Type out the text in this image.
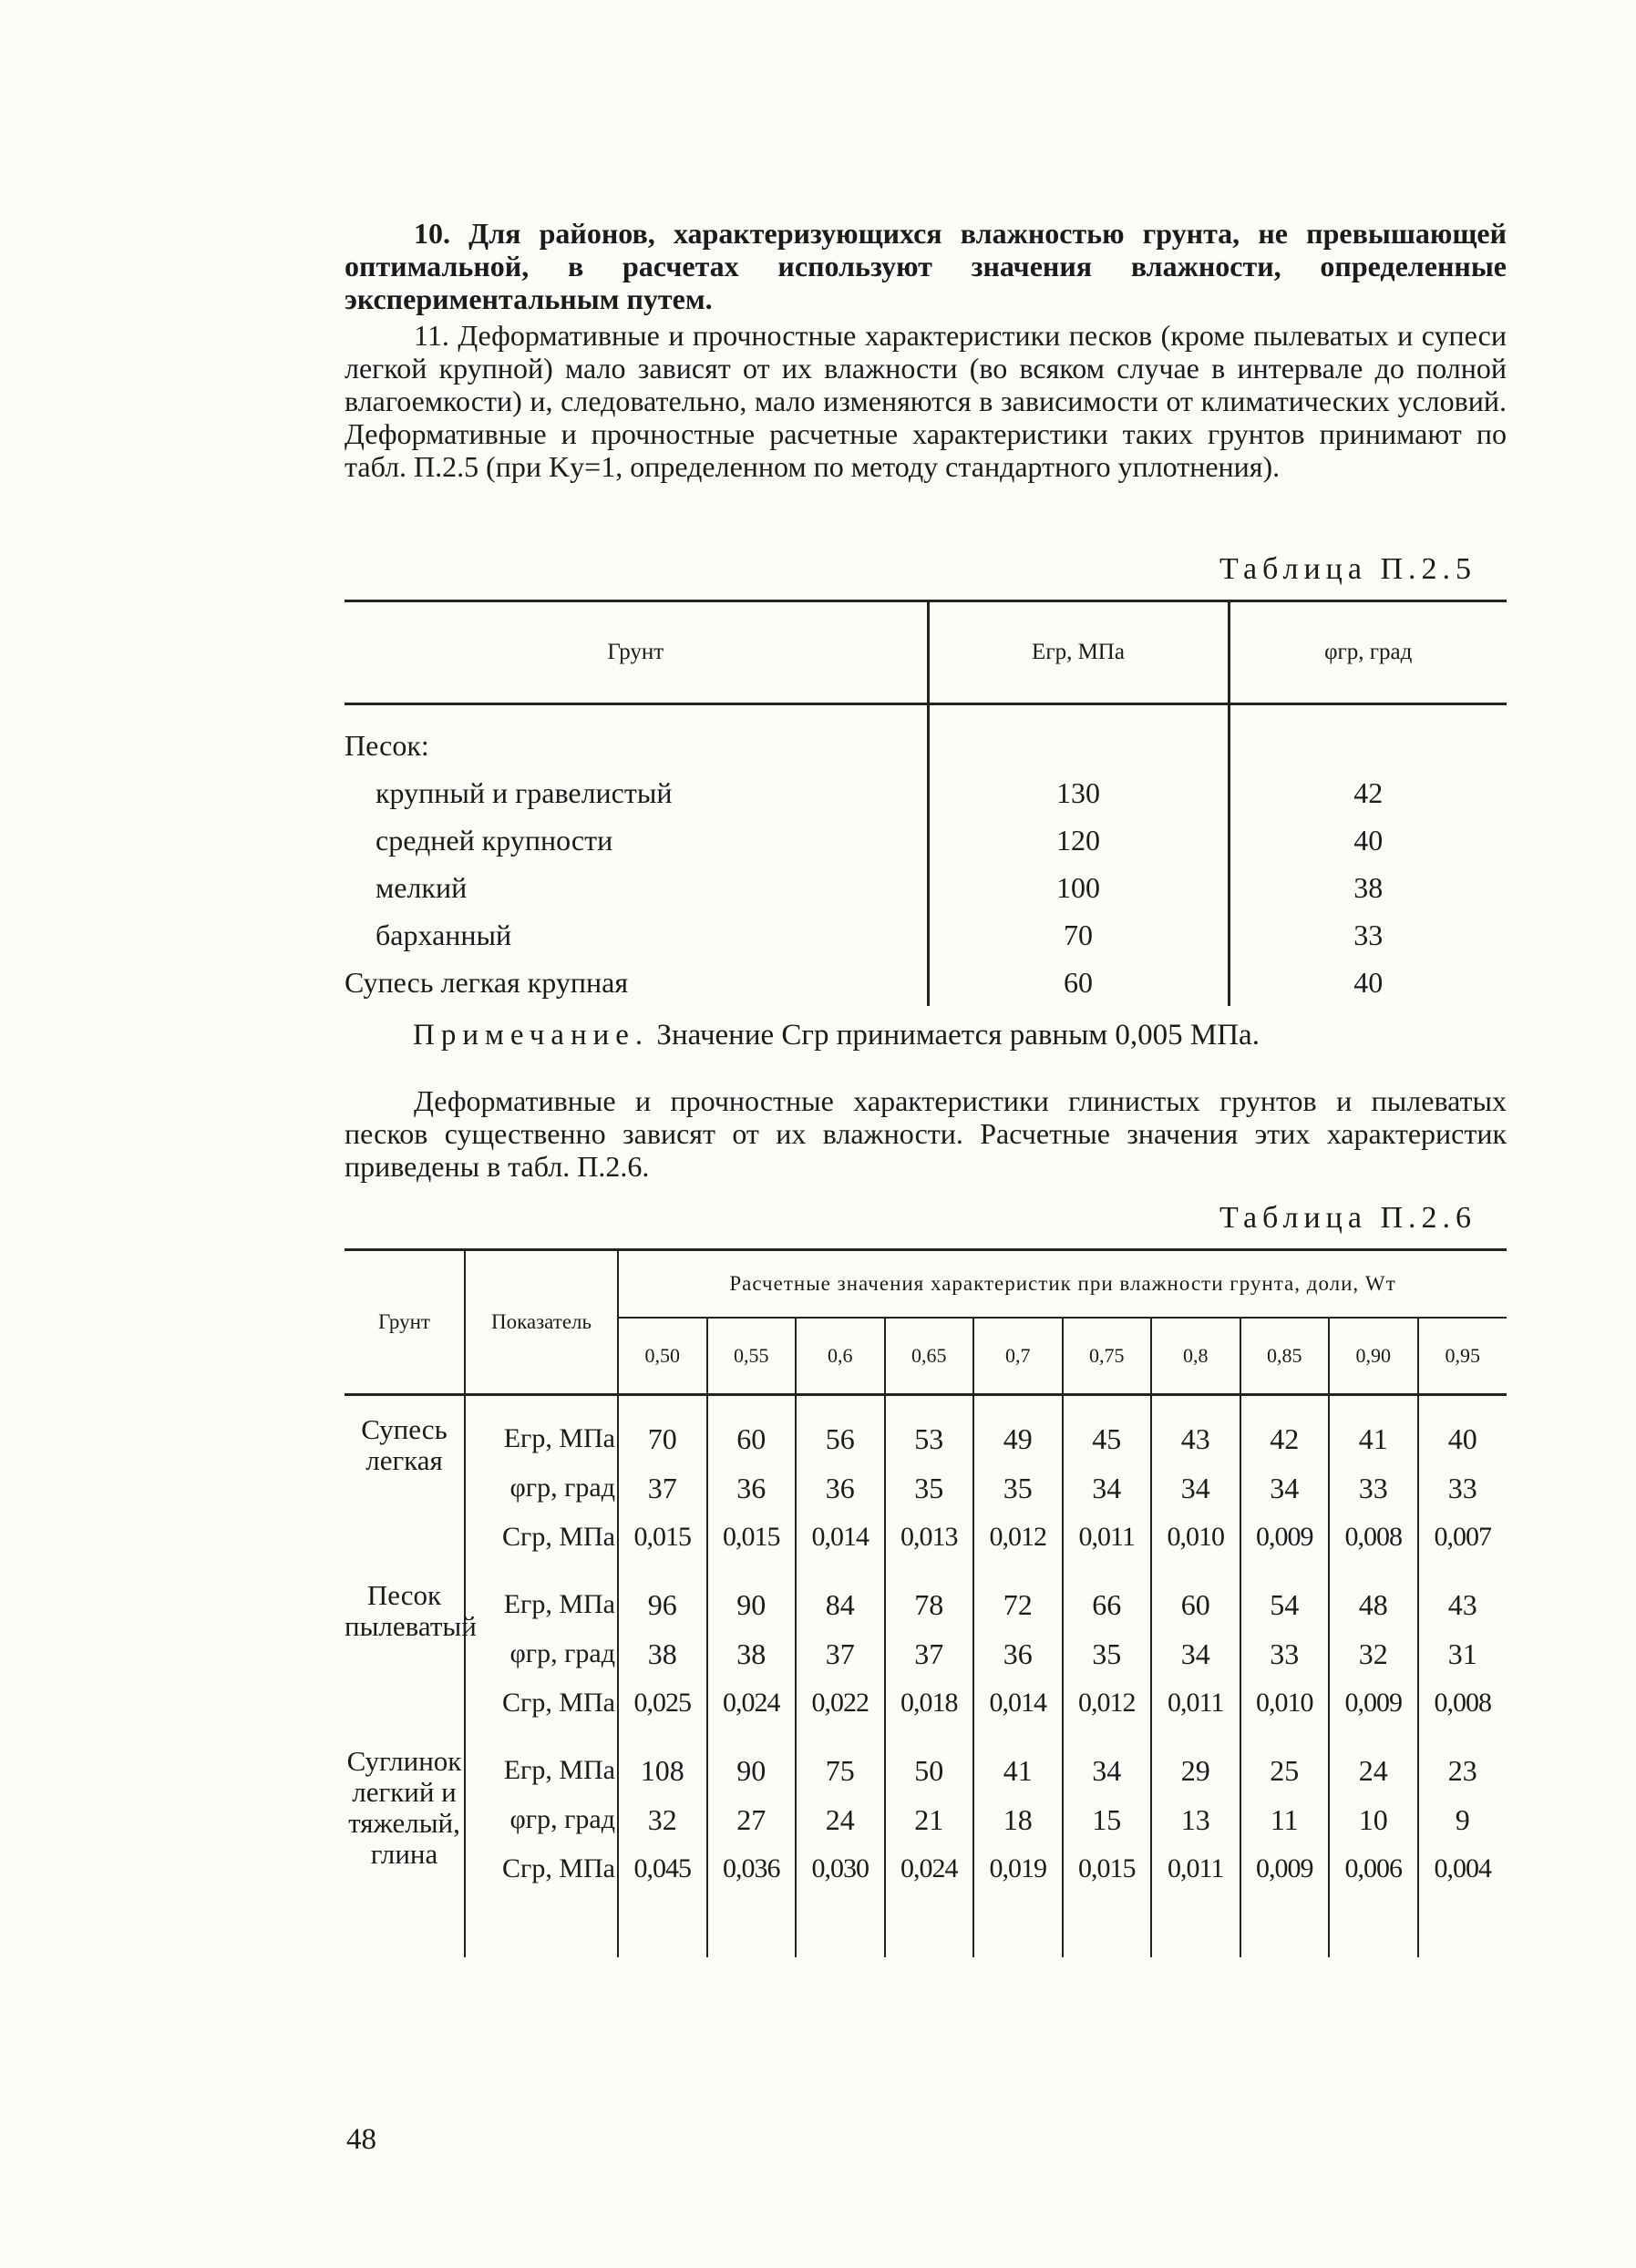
10. Для районов, характеризующихся влажностью грунта, не превышающей оптимальной, в расчетах используют значения влажности, определенные экспериментальным путем.
11. Деформативные и прочностные характеристики песков (кроме пылеватых и супеси легкой крупной) мало зависят от их влажности (во всяком случае в интервале до полной влагоемкости) и, следовательно, мало изменяются в зависимости от климатических условий. Деформативные и прочностные расчетные характеристики таких грунтов принимают по табл. П.2.5 (при Ky=1, определенном по методу стандартного уплотнения).
Таблица П.2.5
Грунт	Eгр, МПа	φгр, град
Песок:		
крупный и гравелистый	130	42
средней крупности	120	40
мелкий	100	38
барханный	70	33
Супесь легкая крупная	60	40
Примечание. Значение Cгр принимается равным 0,005 МПа.
Деформативные и прочностные характеристики глинистых грунтов и пылеватых песков существенно зависят от их влажности. Расчетные значения этих характеристик приведены в табл. П.2.6.
Таблица П.2.6
Грунт	Показатель	Расчетные значения характеристик при влажности грунта, доли, Wт									
		0,50	0,55	0,6	0,65	0,7	0,75	0,8	0,85	0,90	0,95
Супесь легкая	Eгр, МПа	70	60	56	53	49	45	43	42	41	40
	φгр, град	37	36	36	35	35	34	34	34	33	33
	Cгр, МПа	0,015	0,015	0,014	0,013	0,012	0,011	0,010	0,009	0,008	0,007
Песок пылеватый	Eгр, МПа	96	90	84	78	72	66	60	54	48	43
	φгр, град	38	38	37	37	36	35	34	33	32	31
	Cгр, МПа	0,025	0,024	0,022	0,018	0,014	0,012	0,011	0,010	0,009	0,008
Суглинок легкий и тяжелый, глина	Eгр, МПа	108	90	75	50	41	34	29	25	24	23
	φгр, град	32	27	24	21	18	15	13	11	10	9
	Cгр, МПа	0,045	0,036	0,030	0,024	0,019	0,015	0,011	0,009	0,006	0,004

48
